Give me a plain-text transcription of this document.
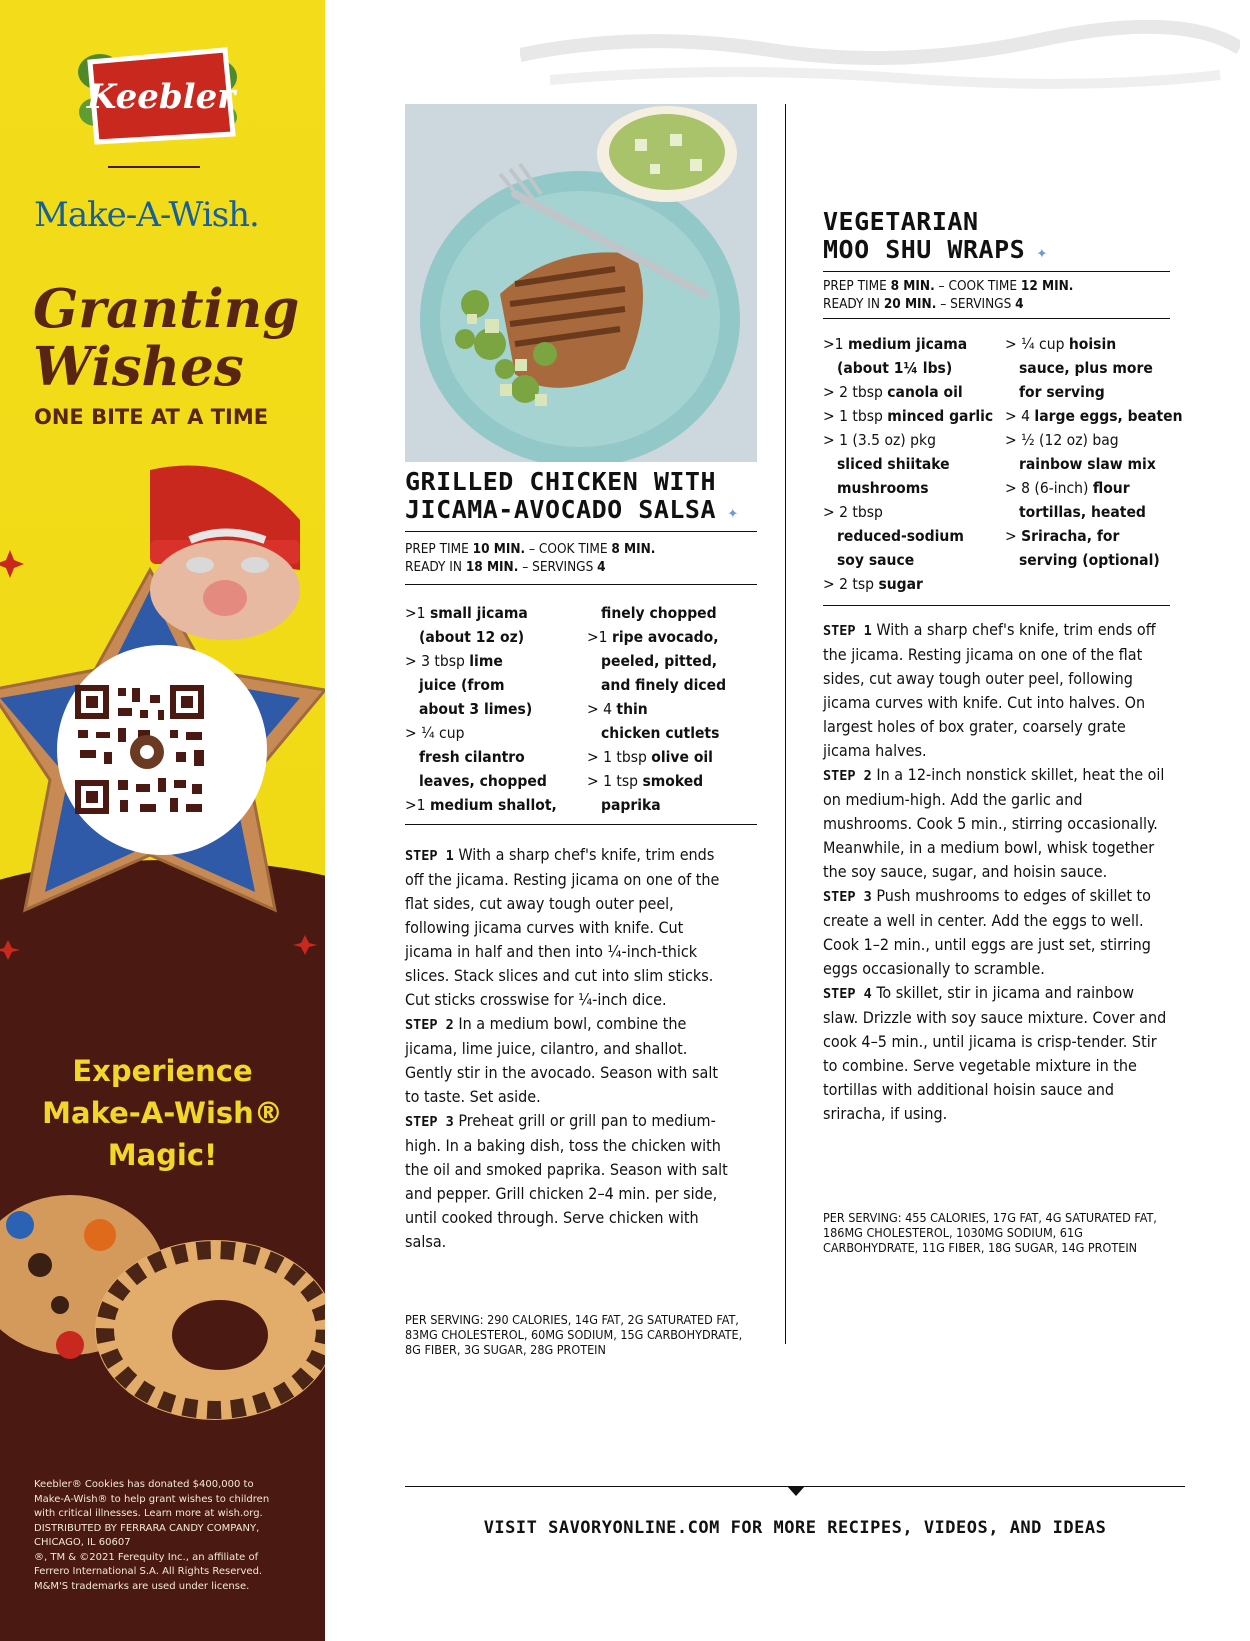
Keebler
Make-A-Wish.
Granting Wishes
ONE BITE AT A TIME
TM
Experience
Make-A-Wish®
Magic!
Keebler® Cookies has donated $400,000 to
Make-A-Wish® to help grant wishes to children
with critical illnesses. Learn more at wish.org.
DISTRIBUTED BY FERRARA CANDY COMPANY,
CHICAGO, IL 60607
®, TM & ©2021 Ferequity Inc., an affiliate of
Ferrero International S.A. All Rights Reserved.
M&M'S trademarks are used under license.
GRILLED CHICKEN WITH
JICAMA-AVOCADO SALSA ✦
PREP TIME 10 MIN. – COOK TIME 8 MIN.
READY IN 18 MIN. – SERVINGS 4
>1 small jicama
(about 12 oz)
> 3 tbsp lime
juice (from
about 3 limes)
> ¼ cup
fresh cilantro
leaves, chopped
>1 medium shallot,
finely chopped
>1 ripe avocado,
peeled, pitted,
and finely diced
> 4 thin
chicken cutlets
> 1 tbsp olive oil
> 1 tsp smoked
paprika
STEP 1 With a sharp chef's knife, trim ends off the jicama. Resting jicama on one of the flat sides, cut away tough outer peel, following jicama curves with knife. Cut jicama in half and then into ¼-inch-thick slices. Stack slices and cut into slim sticks. Cut sticks crosswise for ¼-inch dice.
STEP 2 In a medium bowl, combine the jicama, lime juice, cilantro, and shallot. Gently stir in the avocado. Season with salt to taste. Set aside.
STEP 3 Preheat grill or grill pan to medium-high. In a baking dish, toss the chicken with the oil and smoked paprika. Season with salt and pepper. Grill chicken 2–4 min. per side, until cooked through. Serve chicken with salsa.
PER SERVING: 290 CALORIES, 14G FAT, 2G SATURATED FAT, 83MG CHOLESTEROL, 60MG SODIUM, 15G CARBOHYDRATE, 8G FIBER, 3G SUGAR, 28G PROTEIN
VEGETARIAN
MOO SHU WRAPS ✦
PREP TIME 8 MIN. – COOK TIME 12 MIN.
READY IN 20 MIN. – SERVINGS 4
>1 medium jicama
(about 1¼ lbs)
> 2 tbsp canola oil
> 1 tbsp minced garlic
> 1 (3.5 oz) pkg
sliced shiitake
mushrooms
> 2 tbsp
reduced-sodium
soy sauce
> 2 tsp sugar
> ¼ cup hoisin
sauce, plus more
for serving
> 4 large eggs, beaten
> ½ (12 oz) bag
rainbow slaw mix
> 8 (6-inch) flour
tortillas, heated
> Sriracha, for
serving (optional)
STEP 1 With a sharp chef's knife, trim ends off the jicama. Resting jicama on one of the flat sides, cut away tough outer peel, following jicama curves with knife. Cut into halves. On largest holes of box grater, coarsely grate jicama halves.
STEP 2 In a 12-inch nonstick skillet, heat the oil on medium-high. Add the garlic and mushrooms. Cook 5 min., stirring occasionally. Meanwhile, in a medium bowl, whisk together the soy sauce, sugar, and hoisin sauce.
STEP 3 Push mushrooms to edges of skillet to create a well in center. Add the eggs to well. Cook 1–2 min., until eggs are just set, stirring eggs occasionally to scramble.
STEP 4 To skillet, stir in jicama and rainbow slaw. Drizzle with soy sauce mixture. Cover and cook 4–5 min., until jicama is crisp-tender. Stir to combine. Serve vegetable mixture in the tortillas with additional hoisin sauce and sriracha, if using.
PER SERVING: 455 CALORIES, 17G FAT, 4G SATURATED FAT, 186MG CHOLESTEROL, 1030MG SODIUM, 61G CARBOHYDRATE, 11G FIBER, 18G SUGAR, 14G PROTEIN
VISIT SAVORYONLINE.COM FOR MORE RECIPES, VIDEOS, AND IDEAS
